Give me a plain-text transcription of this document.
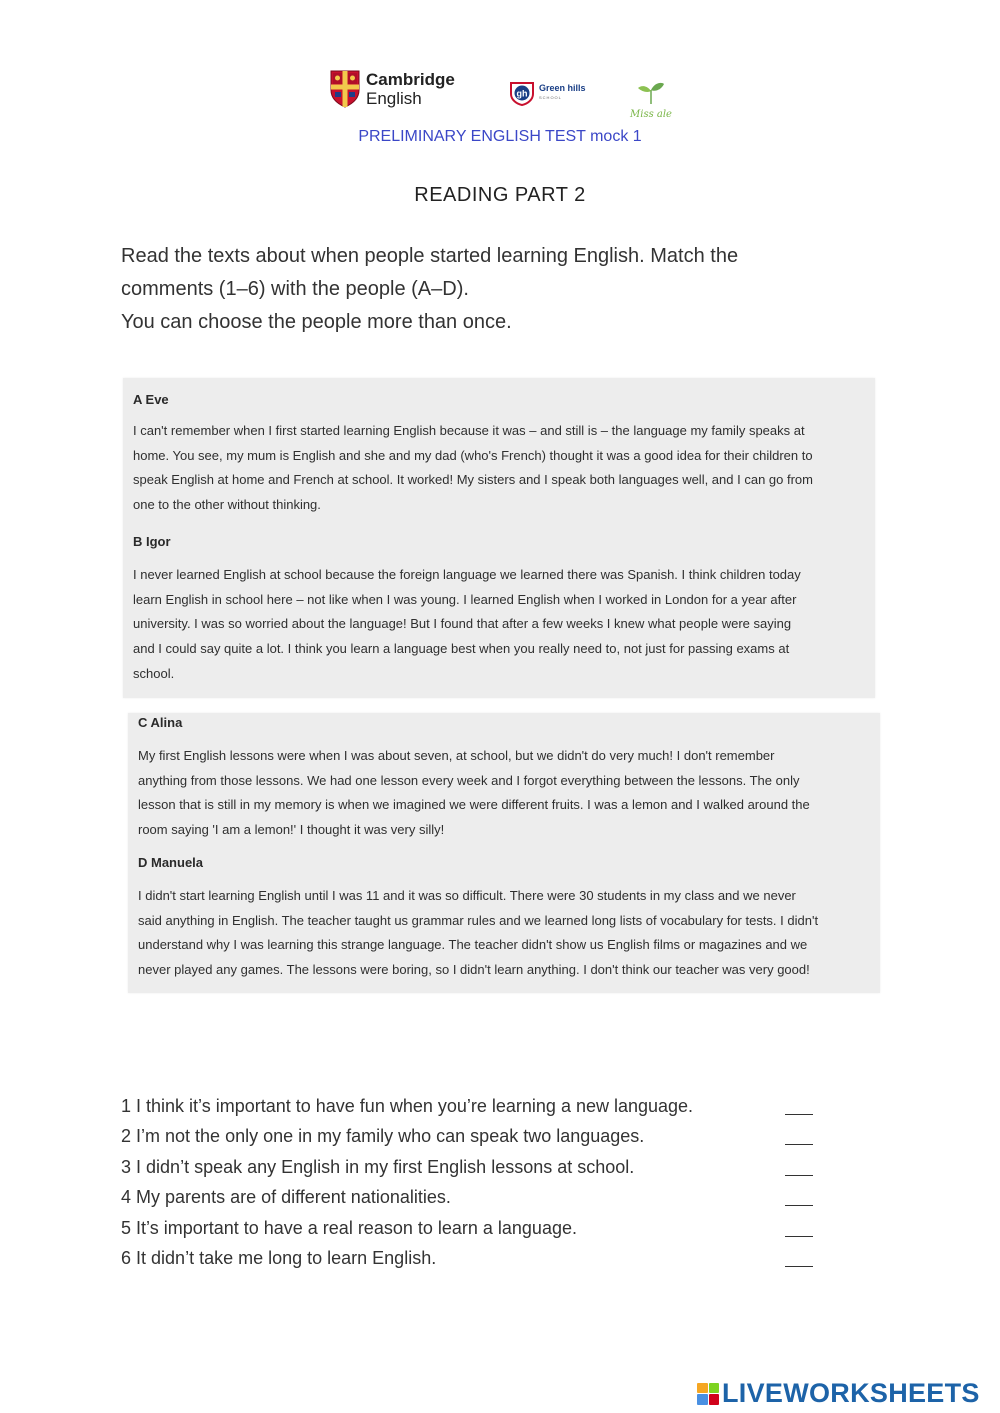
Cambridge
English	gh
Green hills
SCHOOL
Miss ale
PRELIMINARY ENGLISH TEST mock 1
READING PART 2

Read the texts about when people started learning English. Match the

comments (1–6) with the people (A–D).

You can choose the people more than once.

A Eve

I can't remember when I first started learning English because it was – and still is – the language my family speaks at

home. You see, my mum is English and she and my dad (who's French) thought it was a good idea for their children to

speak English at home and French at school. It worked! My sisters and I speak both languages well, and I can go from

one to the other without thinking.

B Igor

I never learned English at school because the foreign language we learned there was Spanish. I think children today

learn English in school here – not like when I was young. I learned English when I worked in London for a year after

university. I was so worried about the language! But I found that after a few weeks I knew what people were saying

and I could say quite a lot. I think you learn a language best when you really need to, not just for passing exams at

school.

C Alina

My first English lessons were when I was about seven, at school, but we didn't do very much! I don't remember

anything from those lessons. We had one lesson every week and I forgot everything between the lessons. The only

lesson that is still in my memory is when we imagined we were different fruits. I was a lemon and I walked around the

room saying 'I am a lemon!' I thought it was very silly!

D Manuela

I didn't start learning English until I was 11 and it was so difficult. There were 30 students in my class and we never

said anything in English. The teacher taught us grammar rules and we learned long lists of vocabulary for tests. I didn't

understand why I was learning this strange language. The teacher didn't show us English films or magazines and we

never played any games. The lessons were boring, so I didn't learn anything. I don't think our teacher was very good!

1 I think it’s important to have fun when you’re learning a new language.
2 I’m not the only one in my family who can speak two languages.
3 I didn’t speak any English in my first English lessons at school.
4 My parents are of different nationalities.
5 It’s important to have a real reason to learn a language.
6 It didn’t take me long to learn English.
LIVEWORKSHEETS
